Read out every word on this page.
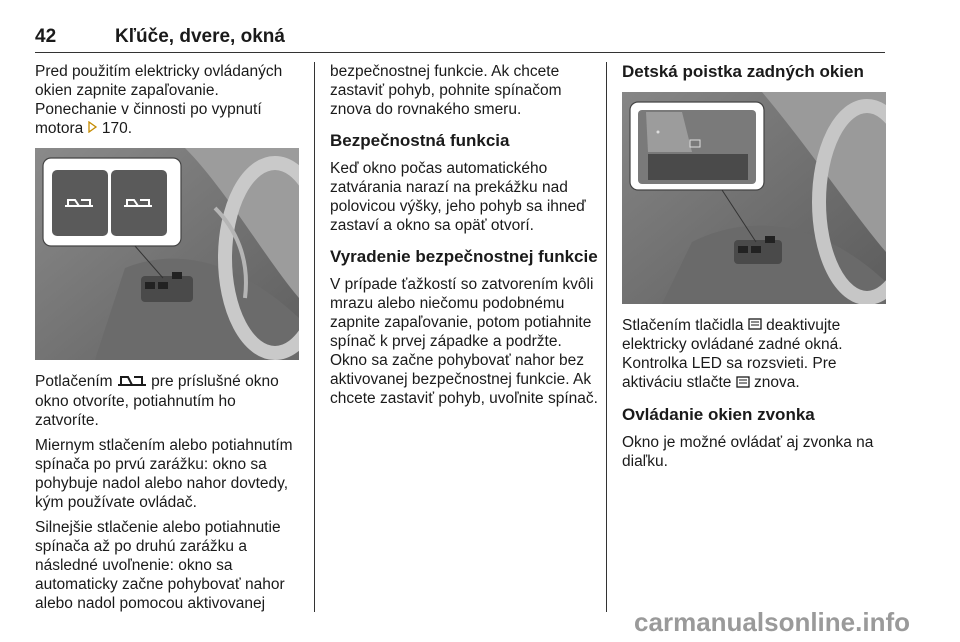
42	Kľúče, dvere, okná

Pred použitím elektricky ovládaných okien zapnite zapaľovanie.
Ponechanie v činnosti po vypnutí motora 170.

Potlačením pre príslušné okno okno otvoríte, potiahnutím ho zatvoríte.

Miernym stlačením alebo potiahnutím spínača po prvú zarážku: okno sa pohybuje nadol alebo nahor dovtedy, kým používate ovládač.

Silnejšie stlačenie alebo potiahnutie spínača až po druhú zarážku a následné uvoľnenie: okno sa automaticky začne pohybovať nahor alebo nadol pomocou aktivovanej

bezpečnostnej funkcie. Ak chcete zastaviť pohyb, pohnite spínačom znova do rovnakého smeru.

Bezpečnostná funkcia

Keď okno počas automatického zatvárania narazí na prekážku nad polovicou výšky, jeho pohyb sa ihneď zastaví a okno sa opäť otvorí.

Vyradenie bezpečnostnej funkcie

V prípade ťažkostí so zatvorením kvôli mrazu alebo niečomu podobnému zapnite zapaľovanie, potom potiahnite spínač k prvej západke a podržte. Okno sa začne pohybovať nahor bez aktivovanej bezpečnostnej funkcie. Ak chcete zastaviť pohyb, uvoľnite spínač.

Detská poistka zadných okien

Stlačením tlačidla deaktivujte elektricky ovládané zadné okná. Kontrolka LED sa rozsvieti. Pre aktiváciu stlačte znova.

Ovládanie okien zvonka

Okno je možné ovládať aj zvonka na diaľku.

carmanualsonline.info
